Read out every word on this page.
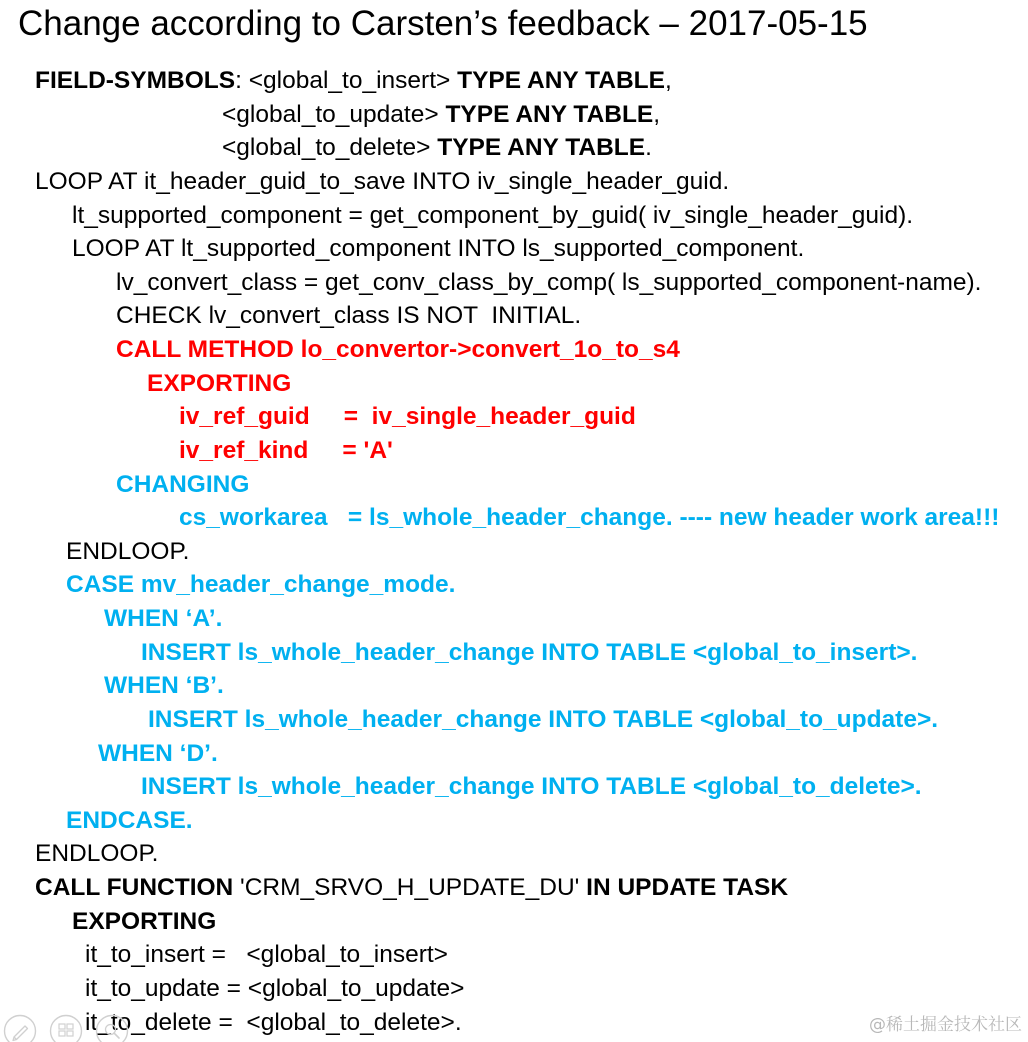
Change according to Carsten’s feedback – 2017-05-15
FIELD-SYMBOLS: <global_to_insert> TYPE ANY TABLE,
<global_to_update> TYPE ANY TABLE,
<global_to_delete> TYPE ANY TABLE.
LOOP AT it_header_guid_to_save INTO iv_single_header_guid.
lt_supported_component = get_component_by_guid( iv_single_header_guid).
LOOP AT lt_supported_component INTO ls_supported_component.
lv_convert_class = get_conv_class_by_comp( ls_supported_component-name).
CHECK lv_convert_class IS NOT  INITIAL.
CALL METHOD lo_convertor->convert_1o_to_s4
EXPORTING
iv_ref_guid     =  iv_single_header_guid
iv_ref_kind     = 'A'
CHANGING
cs_workarea   = ls_whole_header_change. ---- new header work area!!!
ENDLOOP.
CASE mv_header_change_mode.
WHEN ‘A’.
INSERT ls_whole_header_change INTO TABLE <global_to_insert>.
WHEN ‘B’.
INSERT ls_whole_header_change INTO TABLE <global_to_update>.
WHEN ‘D’.
INSERT ls_whole_header_change INTO TABLE <global_to_delete>.
ENDCASE.
ENDLOOP.
CALL FUNCTION 'CRM_SRVO_H_UPDATE_DU' IN UPDATE TASK
EXPORTING
it_to_insert =   <global_to_insert>
it_to_update = <global_to_update>
it_to_delete =  <global_to_delete>.	@稀土掘金技术社区
